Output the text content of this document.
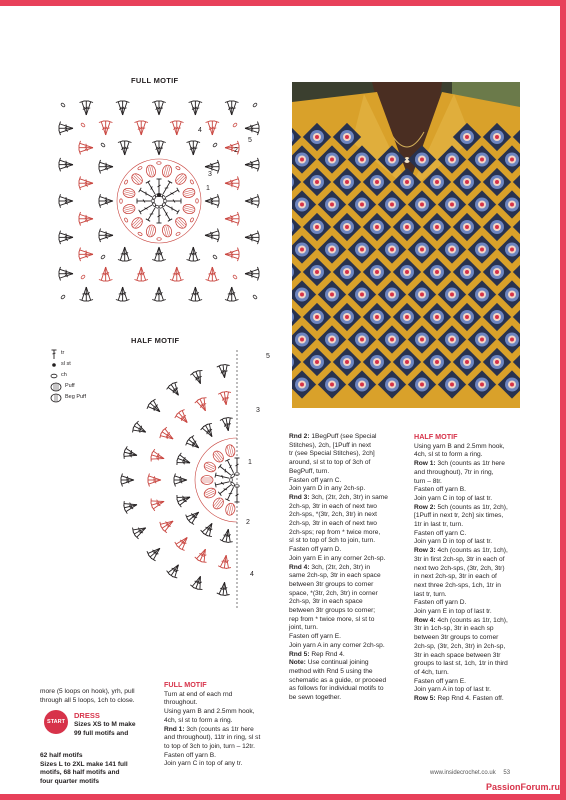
FULL MOTIF
1
2
3
4
5
HALF MOTIF
1
2
3
4
5
tr
sl st
ch
Puff
Beg Puff

more (5 loops on hook), yrh, pull

through all 5 loops, 1ch to close.

START
DRESS

Sizes XS to M make

99 full motifs and

62 half motifs

Sizes L to 2XL make 141 full

motifs, 68 half motifs and

four quarter motifs

FULL MOTIF

Turn at end of each rnd

throughout.

Using yarn B and 2.5mm hook,

4ch, sl st to form a ring.

Rnd 1: 3ch (counts as 1tr here

and throughout), 11tr in ring, sl st

to top of 3ch to join, turn – 12tr.

Fasten off yarn B.

Join yarn C in top of any tr.

Rnd 2: 1BegPuff (see Special

Stitches), 2ch, [1Puff in next

tr (see Special Stitches), 2ch]

around, sl st to top of 3ch of

BegPuff, turn.

Fasten off yarn C.

Join yarn D in any 2ch-sp.

Rnd 3: 3ch, (2tr, 2ch, 3tr) in same

2ch-sp, 3tr in each of next two

2ch-sps, *(3tr, 2ch, 3tr) in next

2ch-sp, 3tr in each of next two

2ch-sps; rep from * twice more,

sl st to top of 3ch to join, turn.

Fasten off yarn D.

Join yarn E in any corner 2ch-sp.

Rnd 4: 3ch, (2tr, 2ch, 3tr) in

same 2ch-sp, 3tr in each space

between 3tr groups to corner

space, *(3tr, 2ch, 3tr) in corner

2ch-sp, 3tr in each space

between 3tr groups to corner;

rep from * twice more, sl st to

joint, turn.

Fasten off yarn E.

Join yarn A in any corner 2ch-sp.

Rnd 5: Rep Rnd 4.

Note: Use continual joining

method with Rnd 5 using the

schematic as a guide, or proceed

as follows for individual motifs to

be sewn together.

HALF MOTIF

Using yarn B and 2.5mm hook,

4ch, sl st to form a ring.

Row 1: 3ch (counts as 1tr here

and throughout), 7tr in ring,

turn – 8tr.

Fasten off yarn B.

Join yarn C in top of last tr.

Row 2: 5ch (counts as 1tr, 2ch),

[1Puff in next tr, 2ch] six times,

1tr in last tr, turn.

Fasten off yarn C.

Join yarn D in top of last tr.

Row 3: 4ch (counts as 1tr, 1ch),

3tr in first 2ch-sp, 3tr in each of

next two 2ch-sps, (3tr, 2ch, 3tr)

in next 2ch-sp, 3tr in each of

next three 2ch-sps, 1ch, 1tr in

last tr, turn.

Fasten off yarn D.

Join yarn E in top of last tr.

Row 4: 4ch (counts as 1tr, 1ch),

3tr in 1ch-sp, 3tr in each sp

between 3tr groups to corner

2ch-sp, (3tr, 2ch, 3tr) in 2ch-sp,

3tr in each space between 3tr

groups to last st, 1ch, 1tr in third

of 4ch, turn.

Fasten off yarn E.

Join yarn A in top of last tr.

Row 5: Rep Rnd 4. Fasten off.

www.insidecrochet.co.uk 53
PassionForum.ru
